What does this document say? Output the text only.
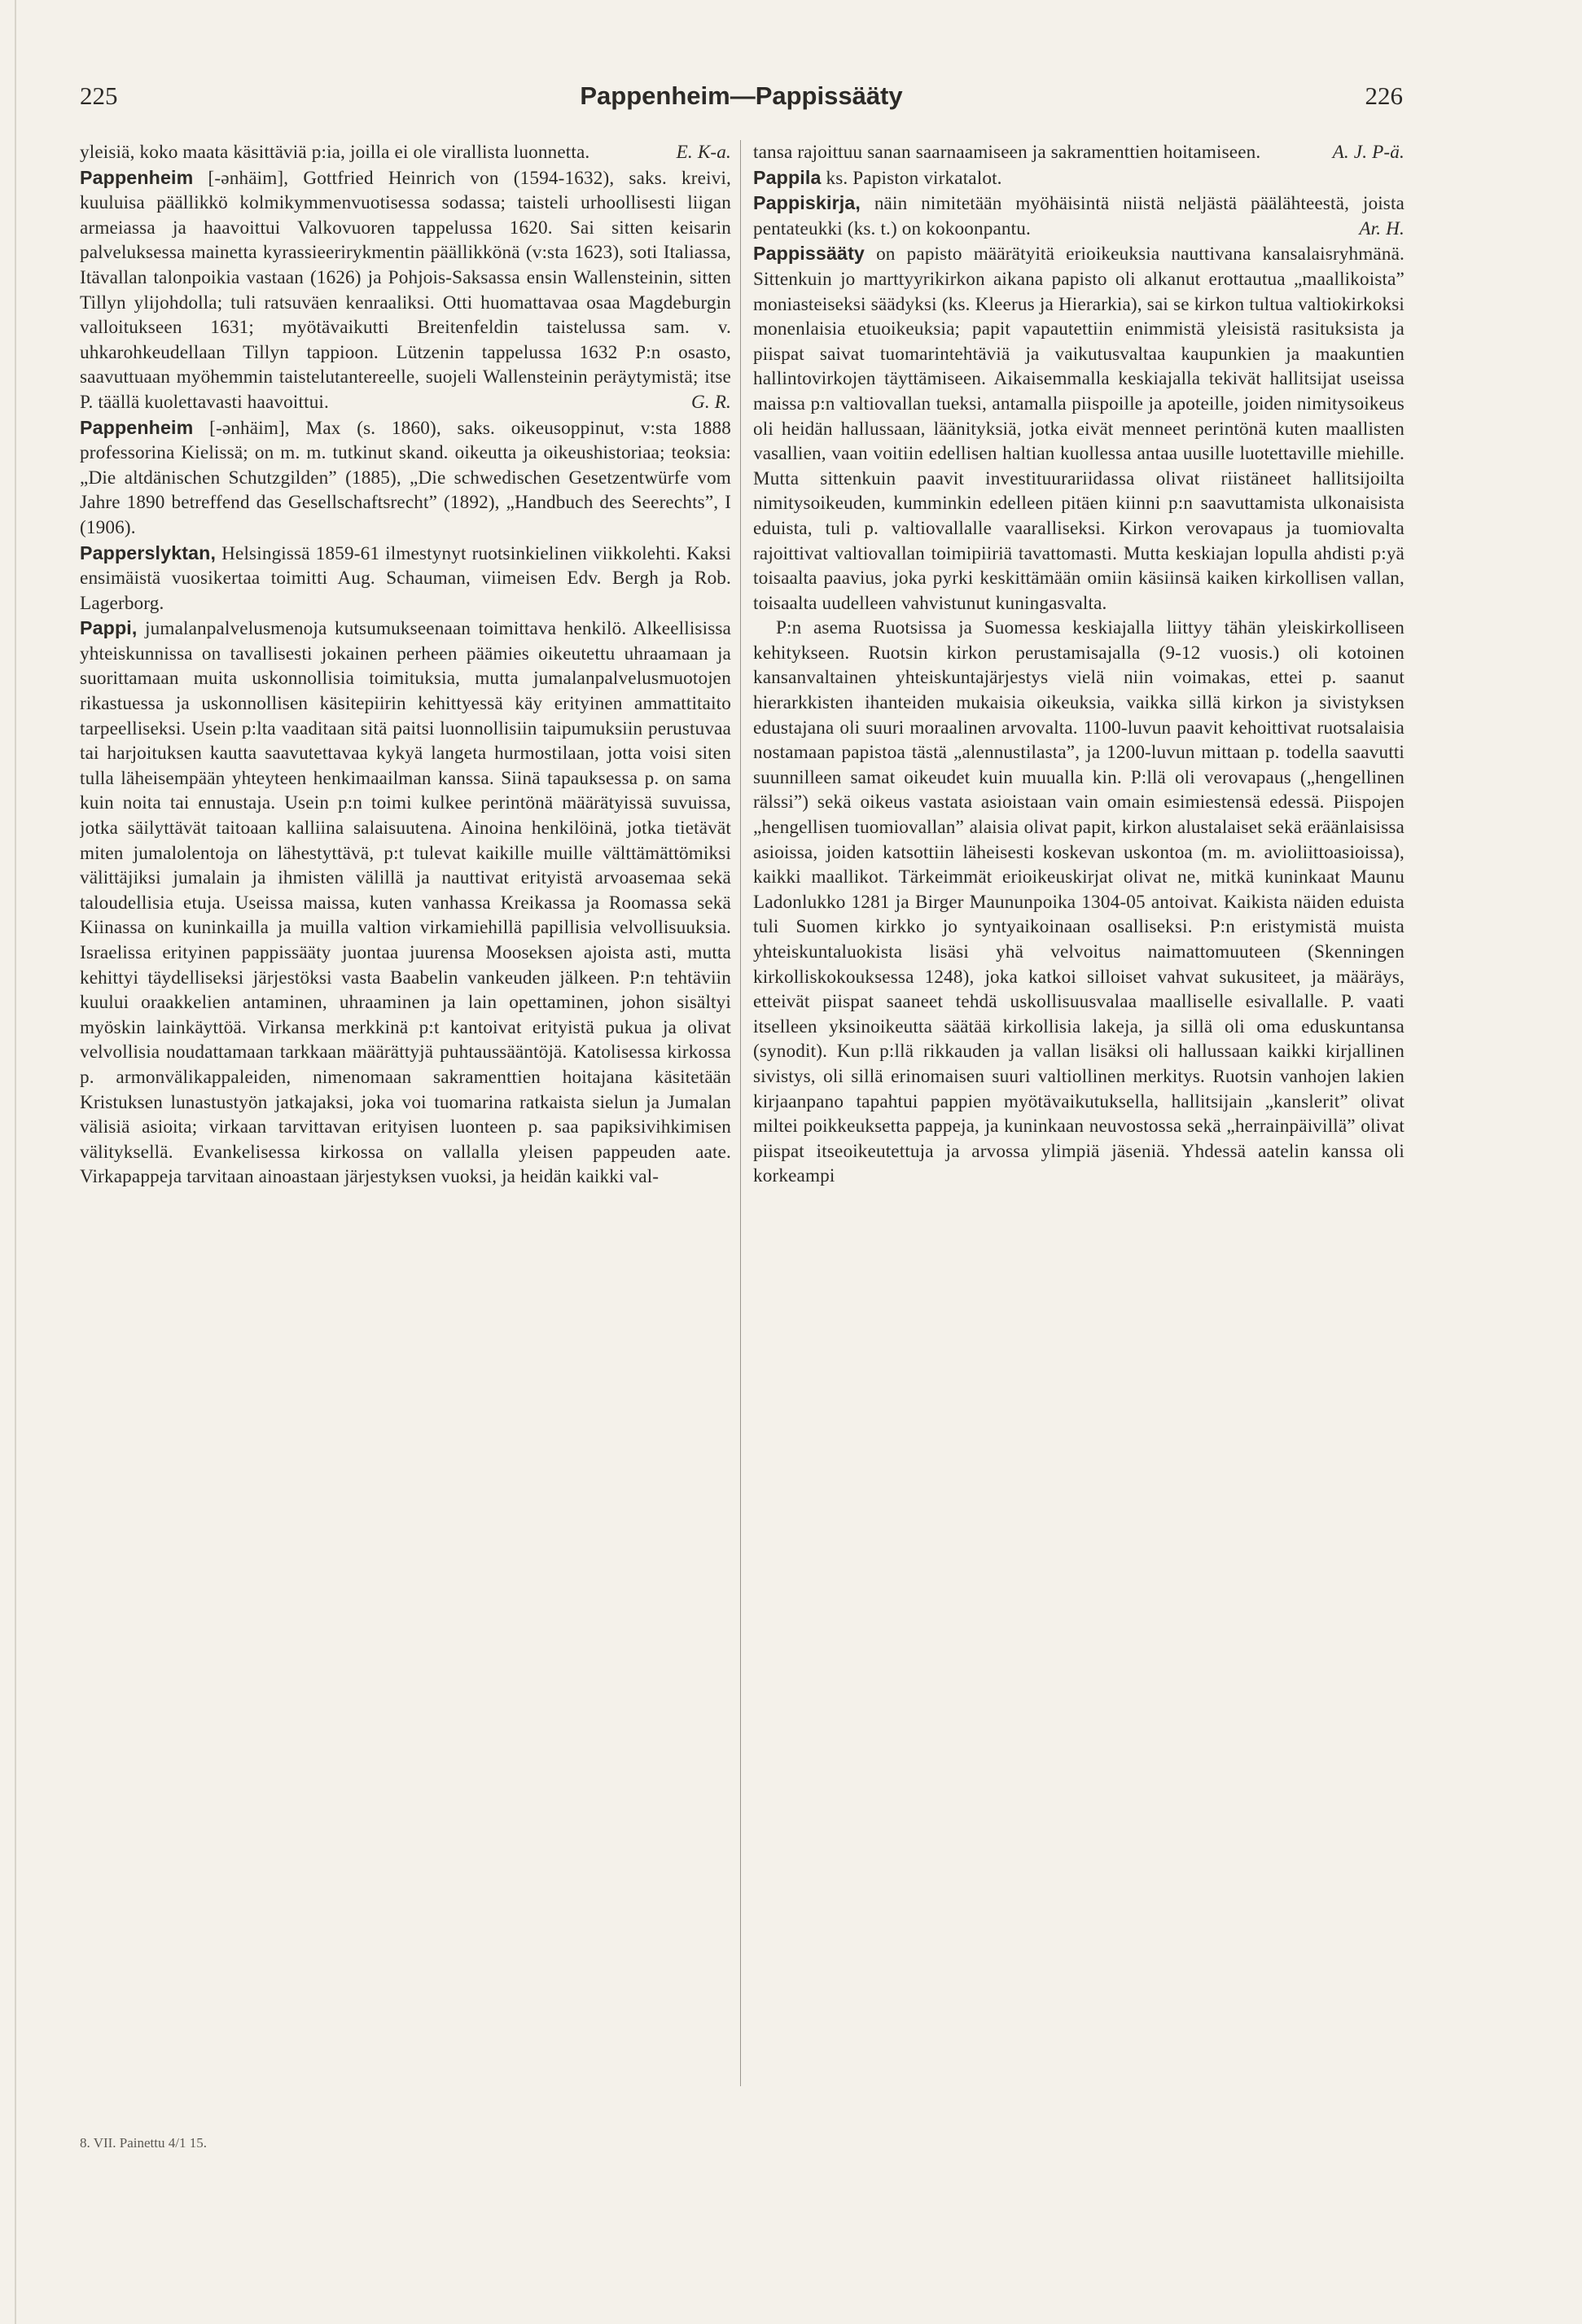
225	Pappenheim—Pappissääty	226

yleisiä, koko maata käsittäviä p:ia, joilla ei ole virallista luonnetta.	E. K-a.

Pappenheim [-ənhäim], Gottfried Heinrich von (1594-1632), saks. kreivi, kuuluisa päällikkö kolmikymmenvuotisessa sodassa; taisteli urhoollisesti liigan armeiassa ja haavoittui Valkovuoren tappelussa 1620. Sai sitten keisarin palveluksessa mainetta kyrassieerirykmentin päällikkönä (v:sta 1623), soti Italiassa, Itävallan talonpoikia vastaan (1626) ja Pohjois-Saksassa ensin Wallensteinin, sitten Tillyn ylijohdolla; tuli ratsuväen kenraaliksi. Otti huomattavaa osaa Magdeburgin valloitukseen 1631; myötävaikutti Breitenfeldin taistelussa sam. v. uhkarohkeudellaan Tillyn tappioon. Lützenin tappelussa 1632 P:n osasto, saavuttuaan myöhemmin taistelutantereelle, suojeli Wallensteinin peräytymistä; itse P. täällä kuolettavasti haavoittui.	G. R.

Pappenheim [-ənhäim], Max (s. 1860), saks. oikeusoppinut, v:sta 1888 professorina Kielissä; on m. m. tutkinut skand. oikeutta ja oikeushistoriaa; teoksia: „Die altdänischen Schutzgilden” (1885), „Die schwedischen Gesetzentwürfe vom Jahre 1890 betreffend das Gesellschaftsrecht” (1892), „Handbuch des Seerechts”, I (1906).

Papperslyktan, Helsingissä 1859-61 ilmestynyt ruotsinkielinen viikkolehti. Kaksi ensimäistä vuosikertaa toimitti Aug. Schauman, viimeisen Edv. Bergh ja Rob. Lagerborg.

Pappi, jumalanpalvelusmenoja kutsumukseenaan toimittava henkilö. Alkeellisissa yhteiskunnissa on tavallisesti jokainen perheen päämies oikeutettu uhraamaan ja suorittamaan muita uskonnollisia toimituksia, mutta jumalanpalvelusmuotojen rikastuessa ja uskonnollisen käsitepiirin kehittyessä käy erityinen ammattitaito tarpeelliseksi. Usein p:lta vaaditaan sitä paitsi luonnollisiin taipumuksiin perustuvaa tai harjoituksen kautta saavutettavaa kykyä langeta hurmostilaan, jotta voisi siten tulla läheisempään yhteyteen henkimaailman kanssa. Siinä tapauksessa p. on sama kuin noita tai ennustaja. Usein p:n toimi kulkee perintönä määrätyissä suvuissa, jotka säilyttävät taitoaan kalliina salaisuutena. Ainoina henkilöinä, jotka tietävät miten jumalolentoja on lähestyttävä, p:t tulevat kaikille muille välttämättömiksi välittäjiksi jumalain ja ihmisten välillä ja nauttivat erityistä arvoasemaa sekä taloudellisia etuja. Useissa maissa, kuten vanhassa Kreikassa ja Roomassa sekä Kiinassa on kuninkailla ja muilla valtion virkamiehillä papillisia velvollisuuksia. Israelissa erityinen pappissääty juontaa juurensa Mooseksen ajoista asti, mutta kehittyi täydelliseksi järjestöksi vasta Baabelin vankeuden jälkeen. P:n tehtäviin kuului oraakkelien antaminen, uhraaminen ja lain opettaminen, johon sisältyi myöskin lainkäyttöä. Virkansa merkkinä p:t kantoivat erityistä pukua ja olivat velvollisia noudattamaan tarkkaan määrättyjä puhtaussääntöjä. Katolisessa kirkossa p. armonvälikappaleiden, nimenomaan sakramenttien hoitajana käsitetään Kristuksen lunastustyön jatkajaksi, joka voi tuomarina ratkaista sielun ja Jumalan välisiä asioita; virkaan tarvittavan erityisen luonteen p. saa papiksivihkimisen välityksellä. Evankelisessa kirkossa on vallalla yleisen pappeuden aate. Virkapappeja tarvitaan ainoastaan järjestyksen vuoksi, ja heidän kaikki val-

tansa rajoittuu sanan saarnaamiseen ja sakramenttien hoitamiseen.	A. J. P-ä.

Pappila ks. Papiston virkatalot.

Pappiskirja, näin nimitetään myöhäisintä niistä neljästä päälähteestä, joista pentateukki (ks. t.) on kokoonpantu.	Ar. H.

Pappissääty on papisto määrätyitä erioikeuksia nauttivana kansalaisryhmänä. Sittenkuin jo marttyyrikirkon aikana papisto oli alkanut erottautua „maallikoista” moniasteiseksi säädyksi (ks. Kleerus ja Hierarkia), sai se kirkon tultua valtiokirkoksi monenlaisia etuoikeuksia; papit vapautettiin enimmistä yleisistä rasituksista ja piispat saivat tuomarintehtäviä ja vaikutusvaltaa kaupunkien ja maakuntien hallintovirkojen täyttämiseen. Aikaisemmalla keskiajalla tekivät hallitsijat useissa maissa p:n valtiovallan tueksi, antamalla piispoille ja apoteille, joiden nimitysoikeus oli heidän hallussaan, läänityksiä, jotka eivät menneet perintönä kuten maallisten vasallien, vaan voitiin edellisen haltian kuollessa antaa uusille luotettaville miehille. Mutta sittenkuin paavit investituurariidassa olivat riistäneet hallitsijoilta nimitysoikeuden, kumminkin edelleen pitäen kiinni p:n saavuttamista ulkonaisista eduista, tuli p. valtiovallalle vaaralliseksi. Kirkon verovapaus ja tuomiovalta rajoittivat valtiovallan toimipiiriä tavattomasti. Mutta keskiajan lopulla ahdisti p:yä toisaalta paavius, joka pyrki keskittämään omiin käsiinsä kaiken kirkollisen vallan, toisaalta uudelleen vahvistunut kuningasvalta.

P:n asema Ruotsissa ja Suomessa keskiajalla liittyy tähän yleiskirkolliseen kehitykseen. Ruotsin kirkon perustamisajalla (9-12 vuosis.) oli kotoinen kansanvaltainen yhteiskuntajärjestys vielä niin voimakas, ettei p. saanut hierarkkisten ihanteiden mukaisia oikeuksia, vaikka sillä kirkon ja sivistyksen edustajana oli suuri moraalinen arvovalta. 1100-luvun paavit kehoittivat ruotsalaisia nostamaan papistoa tästä „alennustilasta”, ja 1200-luvun mittaan p. todella saavutti suunnilleen samat oikeudet kuin muualla kin. P:llä oli verovapaus („hengellinen rälssi”) sekä oikeus vastata asioistaan vain omain esimiestensä edessä. Piispojen „hengellisen tuomiovallan” alaisia olivat papit, kirkon alustalaiset sekä eräänlaisissa asioissa, joiden katsottiin läheisesti koskevan uskontoa (m. m. avioliittoasioissa), kaikki maallikot. Tärkeimmät erioikeuskirjat olivat ne, mitkä kuninkaat Maunu Ladonlukko 1281 ja Birger Maununpoika 1304-05 antoivat. Kaikista näiden eduista tuli Suomen kirkko jo syntyaikoinaan osalliseksi. P:n eristymistä muista yhteiskuntaluokista lisäsi yhä velvoitus naimattomuuteen (Skenningen kirkolliskokouksessa 1248), joka katkoi silloiset vahvat sukusiteet, ja määräys, etteivät piispat saaneet tehdä uskollisuusvalaa maalliselle esivallalle. P. vaati itselleen yksinoikeutta säätää kirkollisia lakeja, ja sillä oli oma eduskuntansa (synodit). Kun p:llä rikkauden ja vallan lisäksi oli hallussaan kaikki kirjallinen sivistys, oli sillä erinomaisen suuri valtiollinen merkitys. Ruotsin vanhojen lakien kirjaanpano tapahtui pappien myötävaikutuksella, hallitsijain „kanslerit” olivat miltei poikkeuksetta pappeja, ja kuninkaan neuvostossa sekä „herrainpäivillä” olivat piispat itseoikeutettuja ja arvossa ylimpiä jäseniä. Yhdessä aatelin kanssa oli korkeampi

8. VII. Painettu 4/1 15.
